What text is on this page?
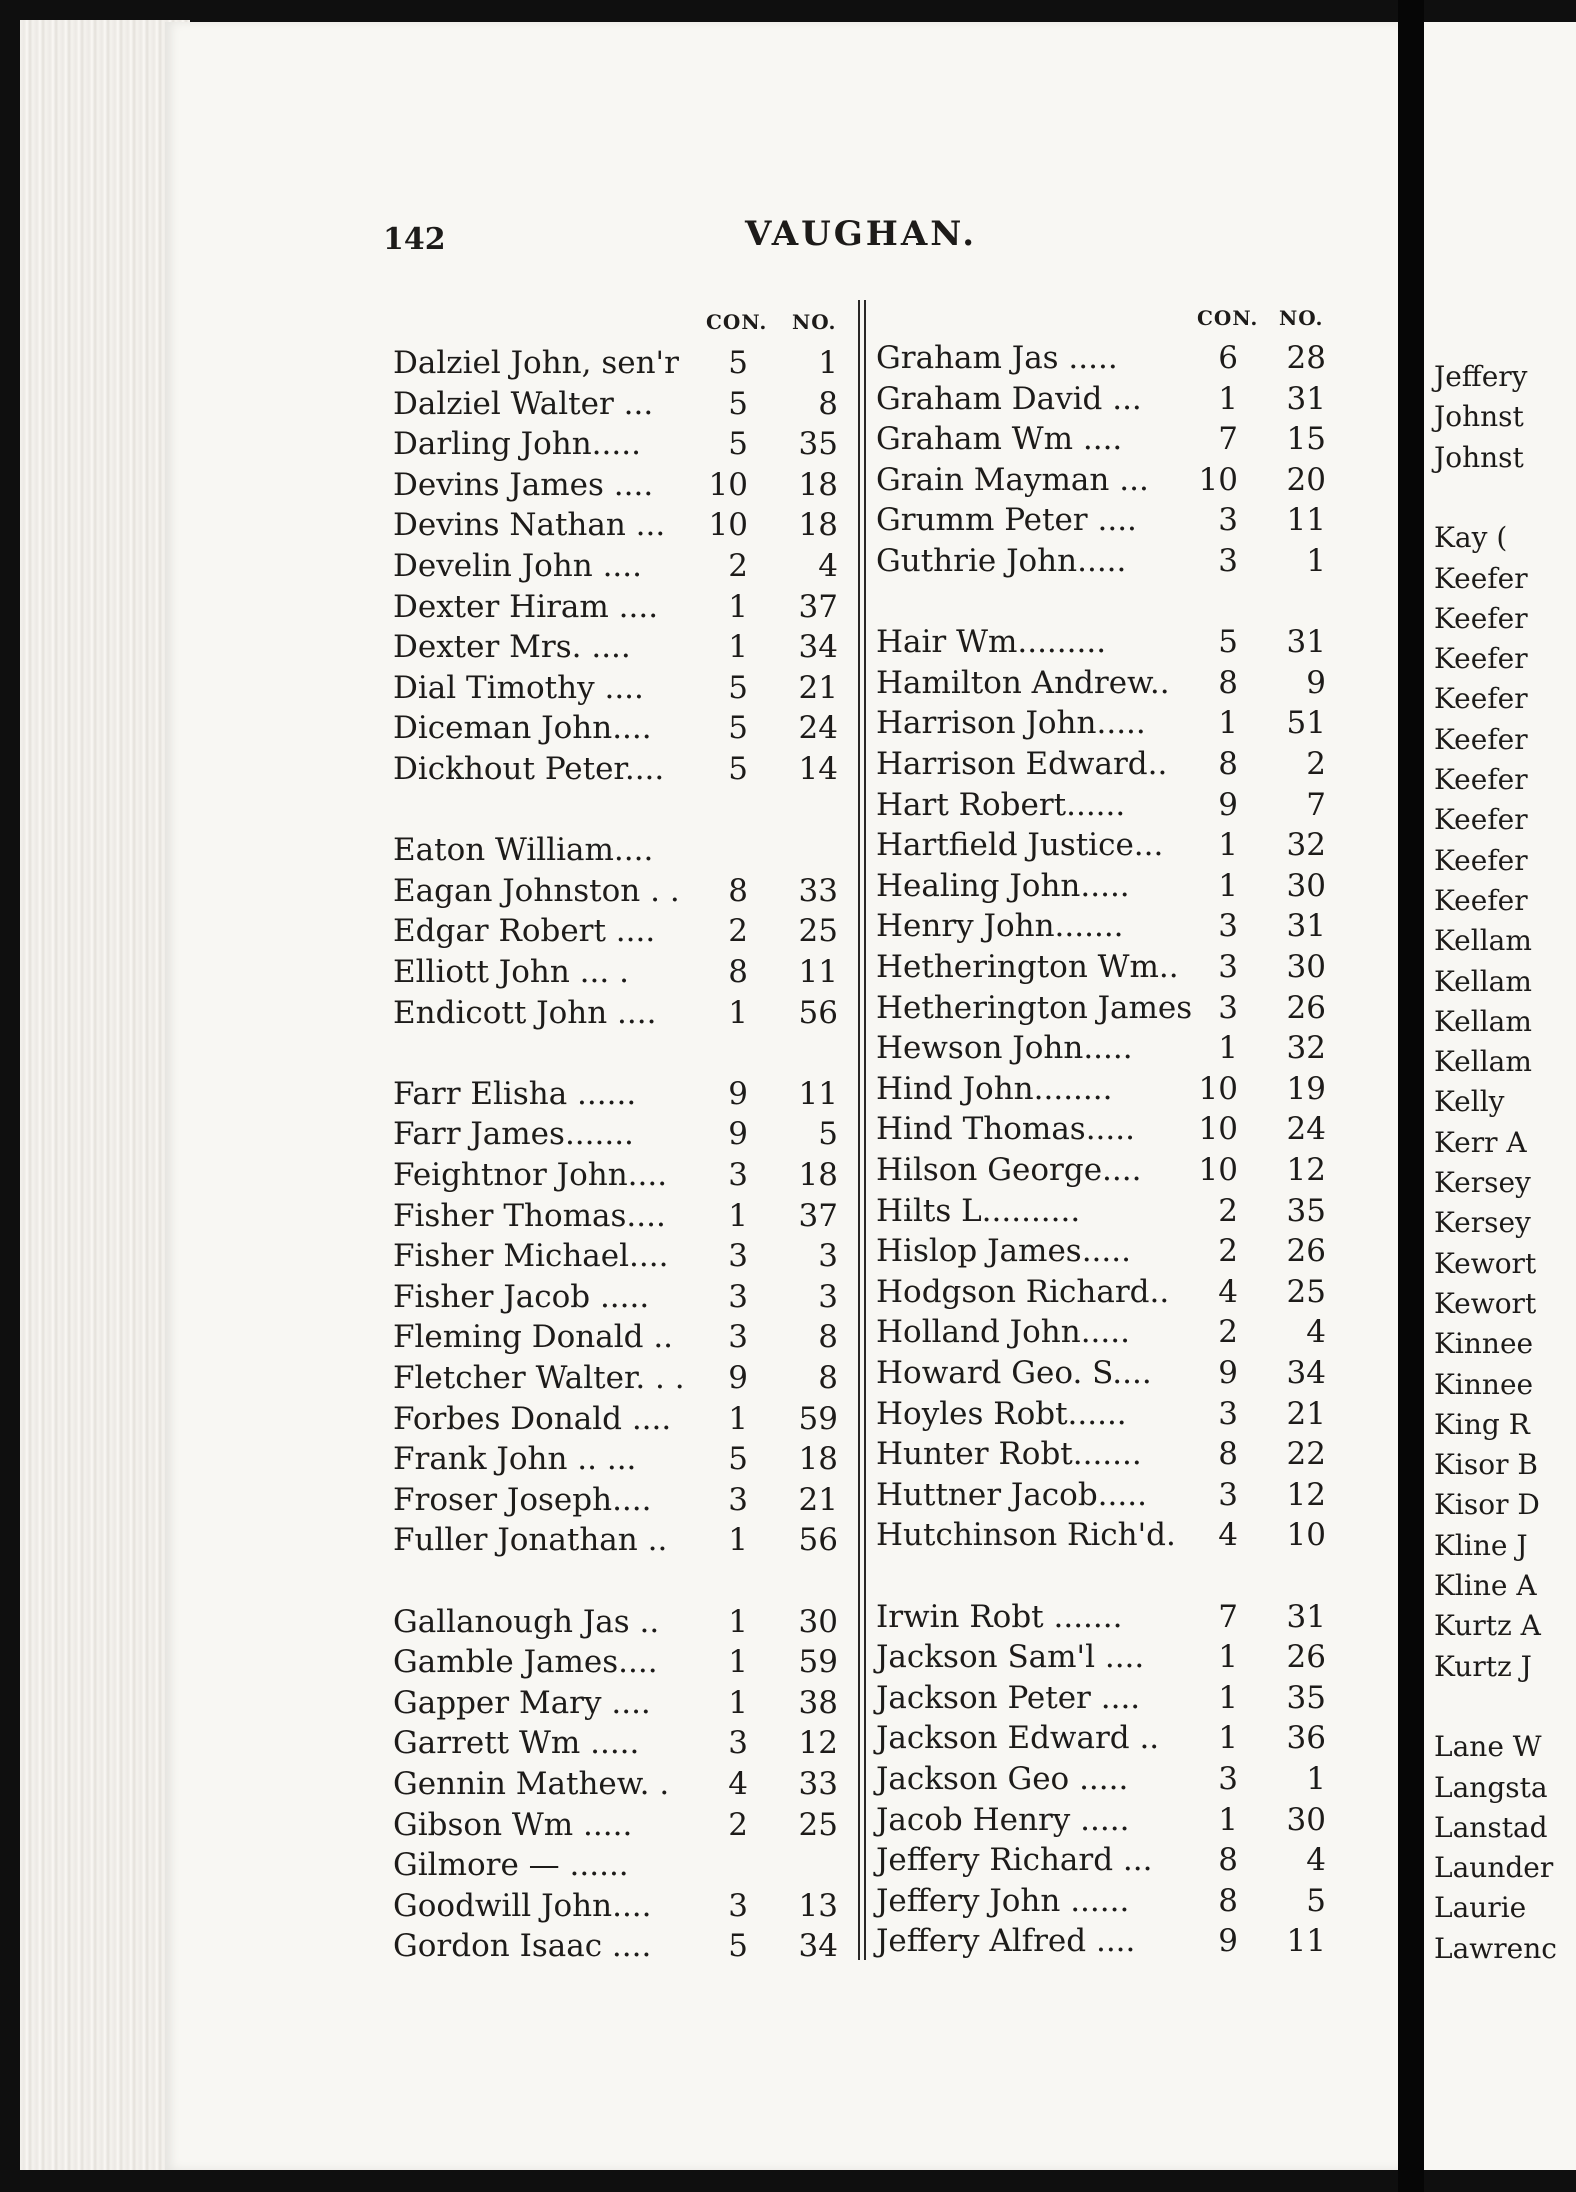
Jeffery
Johnst
Johnst
Kay (
Keefer
Keefer
Keefer
Keefer
Keefer
Keefer
Keefer
Keefer
Keefer
Kellam
Kellam
Kellam
Kellam
Kelly
Kerr A
Kersey
Kersey
Kewort
Kewort
Kinnee
Kinnee
King R
Kisor B
Kisor D
Kline J
Kline A
Kurtz A
Kurtz J
Lane W
Langsta
Lanstad
Launder
Laurie
Lawrenc
142	VAUGHAN.
CON. NO.	CON. NO.
Dalziel John, sen'r	5	1
Dalziel Walter ...	5	8
Darling John.....	5	35
Devins James ....	10	18
Devins Nathan ...	10	18
Develin John ....	2	4
Dexter Hiram ....	1	37
Dexter Mrs. ....	1	34
Dial Timothy ....	5	21
Diceman John....	5	24
Dickhout Peter....	5	14
Eaton William....
Eagan Johnston . .	8	33
Edgar Robert ....	2	25
Elliott John ... .	8	11
Endicott John ....	1	56
Farr Elisha ......	9	11
Farr James.......	9	5
Feightnor John....	3	18
Fisher Thomas....	1	37
Fisher Michael....	3	3
Fisher Jacob .....	3	3
Fleming Donald ..	3	8
Fletcher Walter. . .	9	8
Forbes Donald ....	1	59
Frank John .. ...	5	18
Froser Joseph....	3	21
Fuller Jonathan ..	1	56
Gallanough Jas ..	1	30
Gamble James....	1	59
Gapper Mary ....	1	38
Garrett Wm .....	3	12
Gennin Mathew. .	4	33
Gibson Wm .....	2	25
Gilmore — ......
Goodwill John....	3	13
Gordon Isaac ....	5	34
Graham Jas .....	6	28
Graham David ...	1	31
Graham Wm ....	7	15
Grain Mayman ...	10	20
Grumm Peter ....	3	11
Guthrie John.....	3	1
Hair Wm.........	5	31
Hamilton Andrew..	8	9
Harrison John.....	1	51
Harrison Edward..	8	2
Hart Robert......	9	7
Hartfield Justice...	1	32
Healing John.....	1	30
Henry John.......	3	31
Hetherington Wm..	3	30
Hetherington James 3	26
Hewson John.....	1	32
Hind John........	10	19
Hind Thomas.....	10	24
Hilson George....	10	12
Hilts L..........	2	35
Hislop James.....	2	26
Hodgson Richard..	4	25
Holland John.....	2	4
Howard Geo. S....	9	34
Hoyles Robt......	3	21
Hunter Robt.......	8	22
Huttner Jacob.....	3	12
Hutchinson Rich'd.	4	10
Irwin Robt .......	7	31
Jackson Sam'l ....	1	26
Jackson Peter ....	1	35
Jackson Edward ..	1	36
Jackson Geo .....	3	1
Jacob Henry .....	1	30
Jeffery Richard ...	8	4
Jeffery John ......	8	5
Jeffery Alfred ....	9	11
